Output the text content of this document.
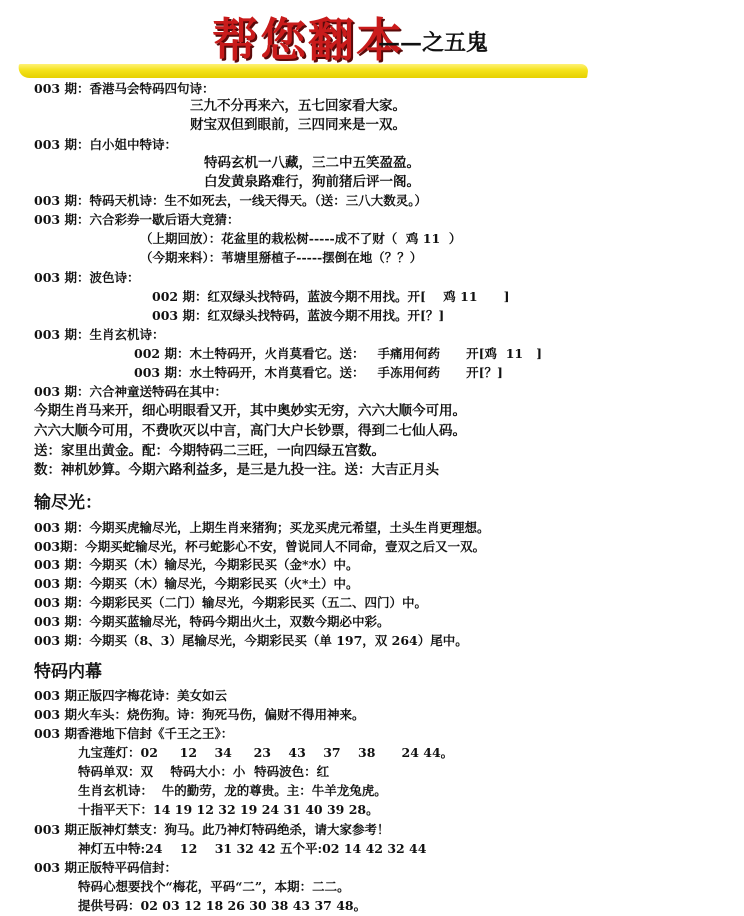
帮您翻本
——之五鬼
003 期：香港马会特码四句诗：
三九不分再来六，五七回家看大家。
财宝双但到眼前，三四同来是一双。
003 期：白小姐中特诗：
特码玄机一八藏，三二中五笑盈盈。
白发黄泉路难行，狗前猪后评一阁。
003 期：特码天机诗：生不如死去，一线天得天。（送：三八大数灵。）
003 期：六合彩券一歇后语大竞猜：
（上期回放）：花盆里的栽松树-----成不了财（  鸡 11  ）
（今期来料）：苇塘里掰植子-----摆倒在地（？？）
003 期：波色诗：
002 期：红双绿头找特码，蓝波今期不用找。开[    鸡 11      ]
003 期：红双绿头找特码，蓝波今期不用找。开[？]
003 期：生肖玄机诗：
002 期：木土特码开，火肖莫看它。送：   手痛用何药      开[鸡  11   ]
003 期：水土特码开，木肖莫看它。送：   手冻用何药      开[？]
003 期：六合神童送特码在其中：
今期生肖马来开，细心明眼看又开，其中奥妙实无穷，六六大顺今可用。
六六大顺今可用，不费吹灭以中言，高门大户长钞票，得到二七仙人码。
送：家里出黄金。配：今期特码二三旺，一向四绿五宫数。
数：神机妙算。今期六路利益多，是三是九投一注。送：大吉正月头
输尽光：
003 期：今期买虎输尽光，上期生肖来猪狗；买龙买虎元希望，土头生肖更理想。
003期：今期买蛇输尽光，杯弓蛇影心不安，曾说同人不同命，壹双之后又一双。
003 期：今期买（木）输尽光，今期彩民买（金*水）中。
003 期：今期买（木）输尽光，今期彩民买（火*土）中。
003 期：今期彩民买（二门）输尽光，今期彩民买（五二、四门）中。
003 期：今期买蓝输尽光，特码今期出火土，双数今期必中彩。
003 期：今期买（8、3）尾输尽光，今期彩民买（单 197，双 264）尾中。
特码内幕
003 期正版四字梅花诗：美女如云
003 期火车头：烧伤狗。诗：狗死马伤，偏财不得用神来。
003 期香港地下信封《千王之王》：
九宝莲灯：02     12    34     23    43    37    38      24 44。
特码单双：双    特码大小：小  特码波色：红
生肖玄机诗：  牛的勤劳，龙的尊贵。主：牛羊龙兔虎。
十指平天下：14 19 12 32 19 24 31 40 39 28。
003 期正版神灯禁支：狗马。此乃神灯特码绝杀，请大家参考！
神灯五中特:24    12    31 32 42 五个平:02 14 42 32 44
003 期正版特平码信封：
特码心想要找个“梅花，平码“二”，本期：二二。
提供号码：02 03 12 18 26 30 38 43 37 48。
